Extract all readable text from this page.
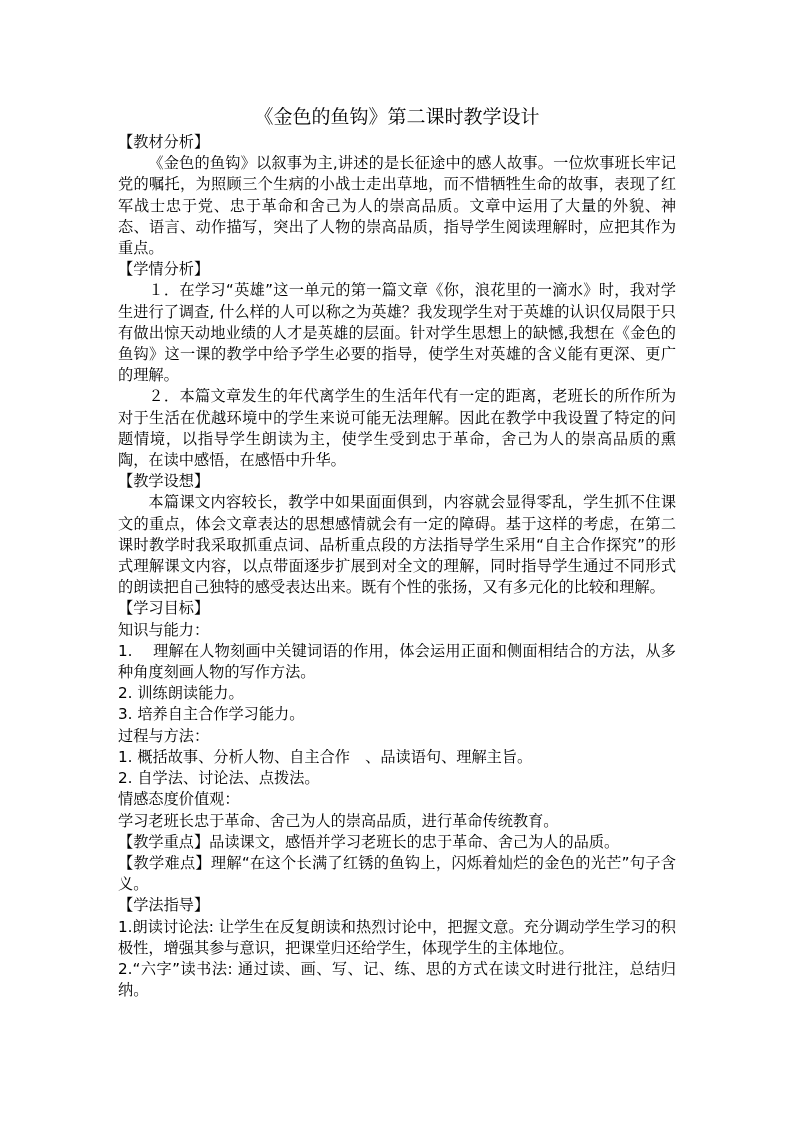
《金色的鱼钩》第二课时教学设计

【教材分析】

《金色的鱼钩》以叙事为主,讲述的是长征途中的感人故事。一位炊事班长牢记党的嘱托，为照顾三个生病的小战士走出草地，而不惜牺牲生命的故事，表现了红军战士忠于党、忠于革命和舍己为人的崇高品质。文章中运用了大量的外貌、神态、语言、动作描写，突出了人物的崇高品质，指导学生阅读理解时，应把其作为重点。

【学情分析】

１．在学习“英雄”这一单元的第一篇文章《你，浪花里的一滴水》时，我对学生进行了调查, 什么样的人可以称之为英雄？我发现学生对于英雄的认识仅局限于只有做出惊天动地业绩的人才是英雄的层面。针对学生思想上的缺憾,我想在《金色的鱼钩》这一课的教学中给予学生必要的指导，使学生对英雄的含义能有更深、更广的理解。

２．本篇文章发生的年代离学生的生活年代有一定的距离，老班长的所作所为对于生活在优越环境中的学生来说可能无法理解。因此在教学中我设置了特定的问题情境，以指导学生朗读为主，使学生受到忠于革命，舍己为人的崇高品质的熏陶，在读中感悟，在感悟中升华。

【教学设想】

本篇课文内容较长，教学中如果面面俱到，内容就会显得零乱，学生抓不住课文的重点，体会文章表达的思想感情就会有一定的障碍。基于这样的考虑，在第二课时教学时我采取抓重点词、品析重点段的方法指导学生采用“自主合作探究”的形式理解课文内容，以点带面逐步扩展到对全文的理解，同时指导学生通过不同形式的朗读把自己独特的感受表达出来。既有个性的张扬，又有多元化的比较和理解。

【学习目标】

知识与能力：

1.　 理解在人物刻画中关键词语的作用，体会运用正面和侧面相结合的方法，从多种角度刻画人物的写作方法。

2. 训练朗读能力。

3. 培养自主合作学习能力。

过程与方法：

1. 概括故事、分析人物、自主合作　、品读语句、理解主旨。

2. 自学法、讨论法、点拨法。

情感态度价值观：

学习老班长忠于革命、舍己为人的崇高品质，进行革命传统教育。

【教学重点】品读课文，感悟并学习老班长的忠于革命、舍己为人的品质。

【教学难点】理解“在这个长满了红锈的鱼钩上，闪烁着灿烂的金色的光芒”句子含义。

【学法指导】

1.朗读讨论法: 让学生在反复朗读和热烈讨论中，把握文意。充分调动学生学习的积极性，增强其参与意识，把课堂归还给学生，体现学生的主体地位。

2.“六字”读书法: 通过读、画、写、记、练、思的方式在读文时进行批注，总结归纳。
